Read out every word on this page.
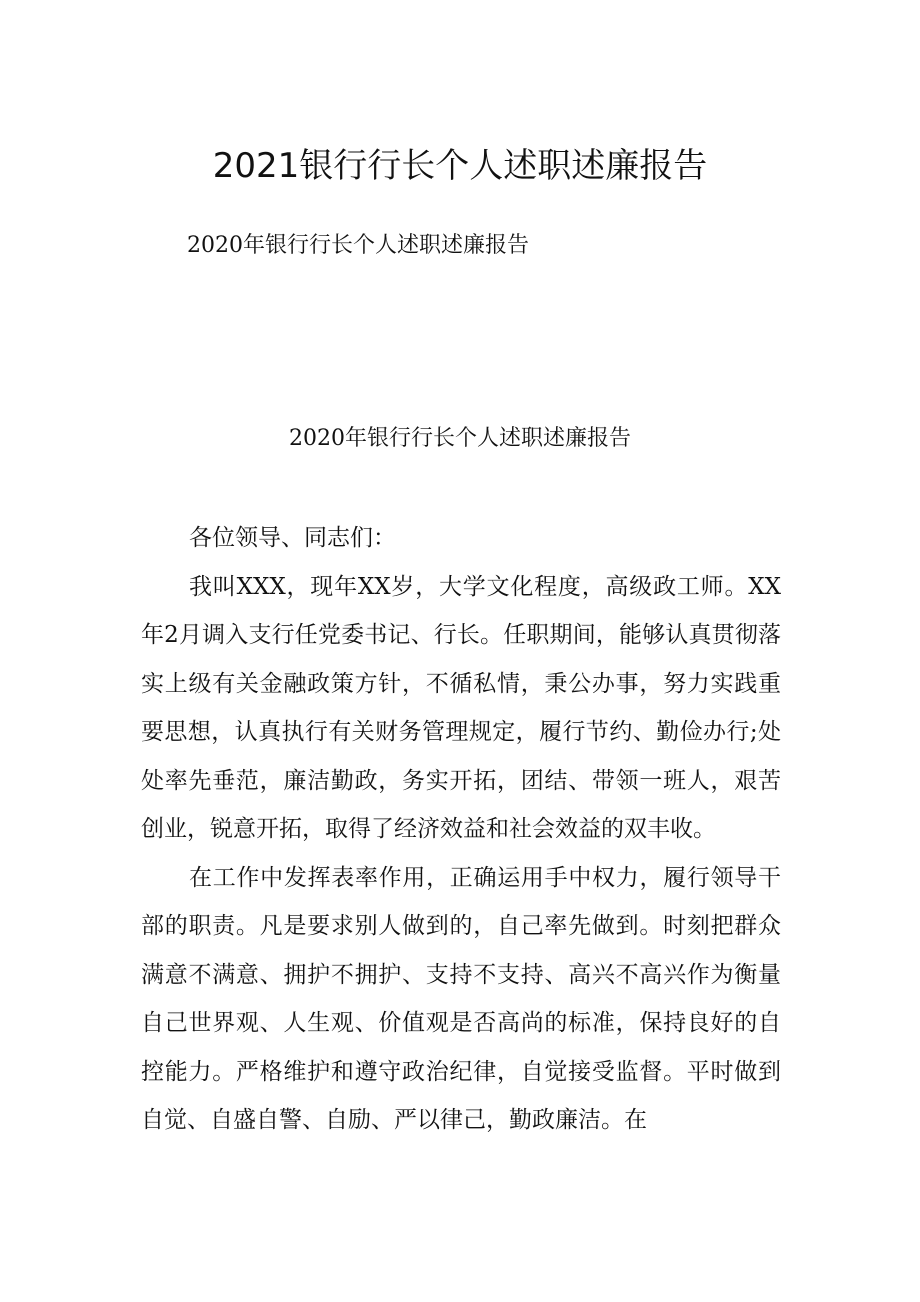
2021银行行长个人述职述廉报告
2020年银行行长个人述职述廉报告
2020年银行行长个人述职述廉报告

各位领导、同志们：

我叫XXX，现年XX岁，大学文化程度，高级政工师。XX年2月调入支行任党委书记、行长。任职期间，能够认真贯彻落实上级有关金融政策方针，不循私情，秉公办事，努力实践重要思想，认真执行有关财务管理规定，履行节约、勤俭办行;处处率先垂范，廉洁勤政，务实开拓，团结、带领一班人，艰苦创业，锐意开拓，取得了经济效益和社会效益的双丰收。

在工作中发挥表率作用，正确运用手中权力，履行领导干部的职责。凡是要求别人做到的，自己率先做到。时刻把群众满意不满意、拥护不拥护、支持不支持、高兴不高兴作为衡量自己世界观、人生观、价值观是否高尚的标准，保持良好的自控能力。严格维护和遵守政治纪律，自觉接受监督。平时做到自觉、自盛自警、自励、严以律己，勤政廉洁。在
